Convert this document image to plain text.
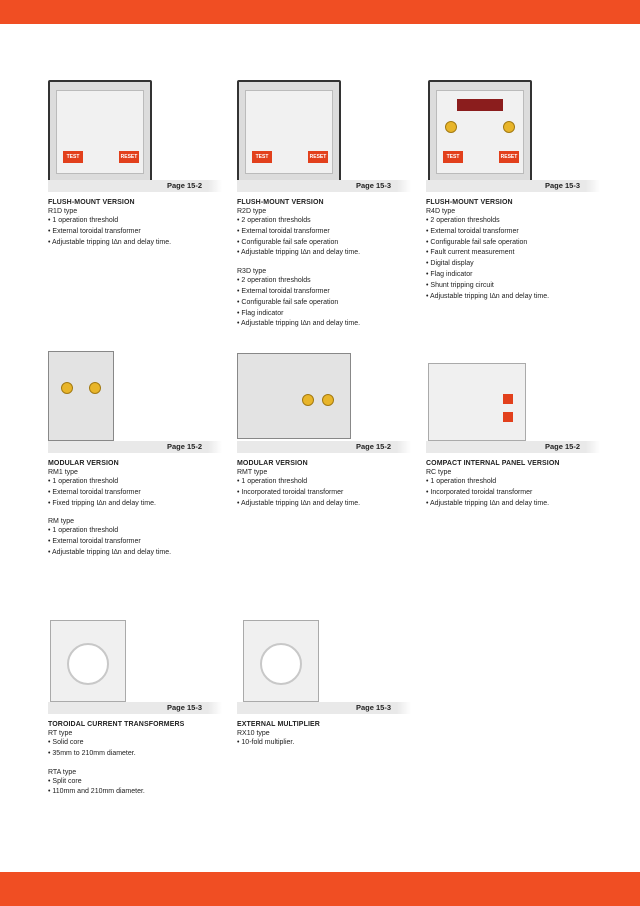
TEST	RESET
Page 15-2
FLUSH-MOUNT VERSION
R1D type
• 1 operation threshold
• External toroidal transformer
• Adjustable tripping I∆n and delay time.
TEST	RESET
Page 15-3
FLUSH-MOUNT VERSION
R2D type
• 2 operation thresholds
• External toroidal transformer
• Configurable fail safe operation
• Adjustable tripping I∆n and delay time.
R3D type
• 2 operation thresholds
• External toroidal transformer
• Configurable fail safe operation
• Flag indicator
• Adjustable tripping I∆n and delay time.
TEST	RESET
Page 15-3
FLUSH-MOUNT VERSION
R4D type
• 2 operation thresholds
• External toroidal transformer
• Configurable fail safe operation
• Fault current measurement
• Digital display
• Flag indicator
• Shunt tripping circuit
• Adjustable tripping I∆n and delay time.
Page 15-2
MODULAR VERSION
RM1 type
• 1 operation threshold
• External toroidal transformer
• Fixed tripping I∆n and delay time.
RM type
• 1 operation threshold
• External toroidal transformer
• Adjustable tripping I∆n and delay time.
Page 15-2
MODULAR VERSION
RMT type
• 1 operation threshold
• Incorporated toroidal transformer
• Adjustable tripping I∆n and delay time.
Page 15-2
COMPACT INTERNAL PANEL VERSION
RC type
• 1 operation threshold
• Incorporated toroidal transformer
• Adjustable tripping I∆n and delay time.
Page 15-3
TOROIDAL CURRENT TRANSFORMERS
RT type
• Solid core
• 35mm to 210mm diameter.
RTA type
• Split core
• 110mm and 210mm diameter.
Page 15-3
EXTERNAL MULTIPLIER
RX10 type
• 10-fold multiplier.
